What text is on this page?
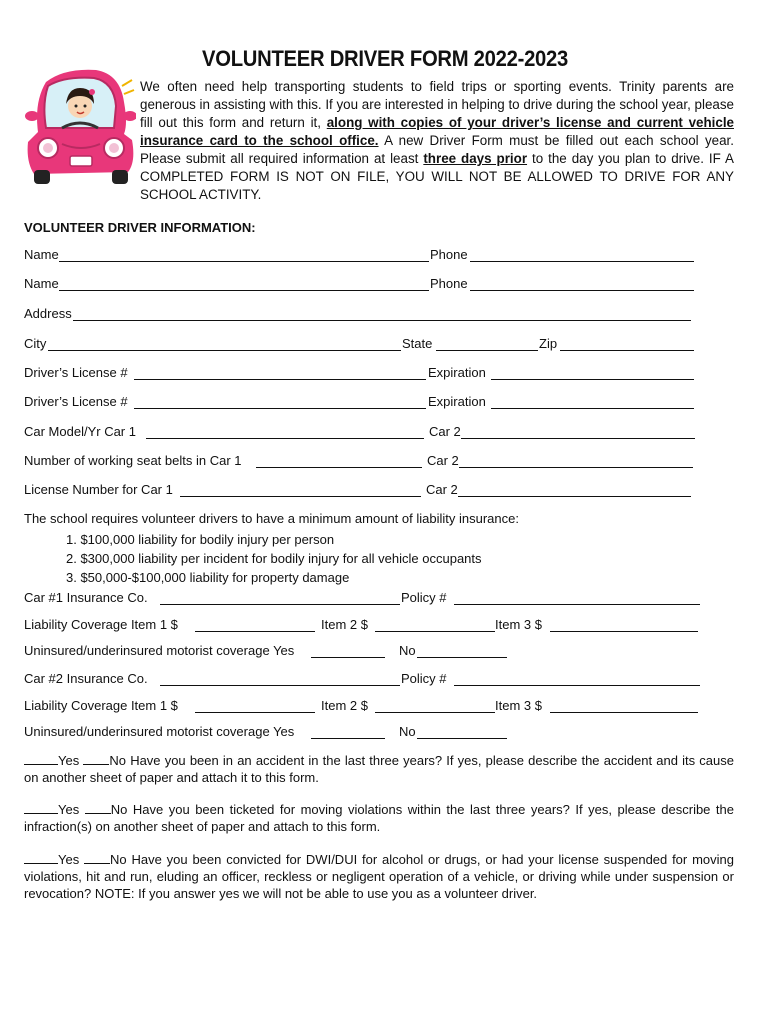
VOLUNTEER DRIVER FORM 2022-2023
We often need help transporting students to field trips or sporting events. Trinity parents are generous in assisting with this. If you are interested in helping to drive during the school year, please fill out this form and return it, along with copies of your driver’s license and current vehicle insurance card to the school office. A new Driver Form must be filled out each school year. Please submit all required information at least three days prior to the day you plan to drive. IF A COMPLETED FORM IS NOT ON FILE, YOU WILL NOT BE ALLOWED TO DRIVE FOR ANY SCHOOL ACTIVITY.
VOLUNTEER DRIVER INFORMATION:
Name	Phone
Name	Phone
Address
City	State	Zip
Driver’s License #	Expiration
Driver’s License #	Expiration
Car Model/Yr Car 1	Car 2
Number of working seat belts in Car 1	Car 2
License Number for Car 1	Car 2
The school requires volunteer drivers to have a minimum amount of liability insurance:
1. $100,000 liability for bodily injury per person
2. $300,000 liability per incident for bodily injury for all vehicle occupants
3. $50,000-$100,000 liability for property damage
Car #1 Insurance Co.	Policy #
Liability Coverage Item 1 $	Item 2 $	Item 3 $
Uninsured/underinsured motorist coverage Yes	No
Car #2 Insurance Co.	Policy #
Liability Coverage Item 1 $	Item 2 $	Item 3 $
Uninsured/underinsured motorist coverage Yes	No
Yes No Have you been in an accident in the last three years? If yes, please describe the accident and its cause on another sheet of paper and attach it to this form.
Yes No Have you been ticketed for moving violations within the last three years? If yes, please describe the infraction(s) on another sheet of paper and attach to this form.
Yes No Have you been convicted for DWI/DUI for alcohol or drugs, or had your license suspended for moving violations, hit and run, eluding an officer, reckless or negligent operation of a vehicle, or driving while under suspension or revocation? NOTE: If you answer yes we will not be able to use you as a volunteer driver.
